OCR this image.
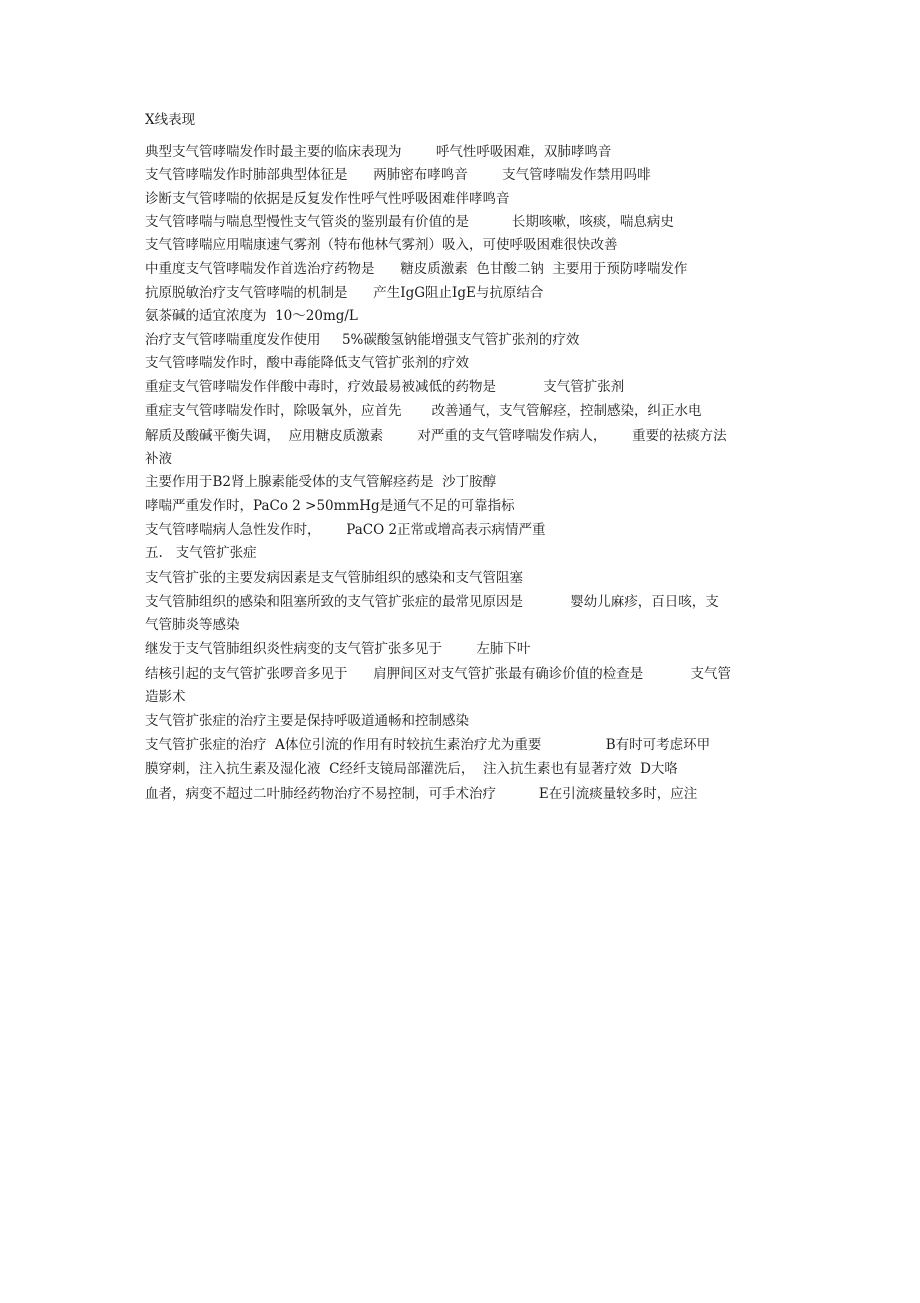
X线表现
典型支气管哮喘发作时最主要的临床表现为        呼气性呼吸困难，双肺哮鸣音
支气管哮喘发作时肺部典型体征是      两肺密布哮鸣音        支气管哮喘发作禁用吗啡
诊断支气管哮喘的依据是反复发作性呼气性呼吸困难伴哮鸣音
支气管哮喘与喘息型慢性支气管炎的鉴别最有价值的是          长期咳嗽，咳痰，喘息病史
支气管哮喘应用喘康速气雾剂（特布他林气雾剂）吸入，可使呼吸困难很快改善
中重度支气管哮喘发作首选治疗药物是      糖皮质激素  色甘酸二钠  主要用于预防哮喘发作
抗原脱敏治疗支气管哮喘的机制是      产生IgG阻止IgE与抗原结合
氨茶碱的适宜浓度为  10〜20mg/L
治疗支气管哮喘重度发作使用     5%碳酸氢钠能增强支气管扩张剂的疗效
支气管哮喘发作时，酸中毒能降低支气管扩张剂的疗效
重症支气管哮喘发作伴酸中毒时，疗效最易被减低的药物是           支气管扩张剂
重症支气管哮喘发作时，除吸氧外，应首先       改善通气，支气管解痉，控制感染，纠正水电
解质及酸碱平衡失调，  应用糖皮质激素        对严重的支气管哮喘发作病人，      重要的祛痰方法
补液
主要作用于B2肾上腺素能受体的支气管解痉药是  沙丁胺醇
哮喘严重发作时，PaCo 2 >50mmHg是通气不足的可靠指标
支气管哮喘病人急性发作时，      PaCO 2正常或增高表示病情严重
五.   支气管扩张症
支气管扩张的主要发病因素是支气管肺组织的感染和支气管阻塞
支气管肺组织的感染和阻塞所致的支气管扩张症的最常见原因是           婴幼儿麻疹，百日咳，支
气管肺炎等感染
继发于支气管肺组织炎性病变的支气管扩张多见于        左肺下叶
结核引起的支气管扩张啰音多见于      肩胛间区对支气管扩张最有确诊价值的检查是           支气管
造影术
支气管扩张症的治疗主要是保持呼吸道通畅和控制感染
支气管扩张症的治疗  A体位引流的作用有时较抗生素治疗尤为重要               B有时可考虑环甲
膜穿刺，注入抗生素及湿化液  C经纤支镜局部灌洗后，  注入抗生素也有显著疗效  D大咯
血者，病变不超过二叶肺经药物治疗不易控制，可手术治疗          E在引流痰量较多时，应注
